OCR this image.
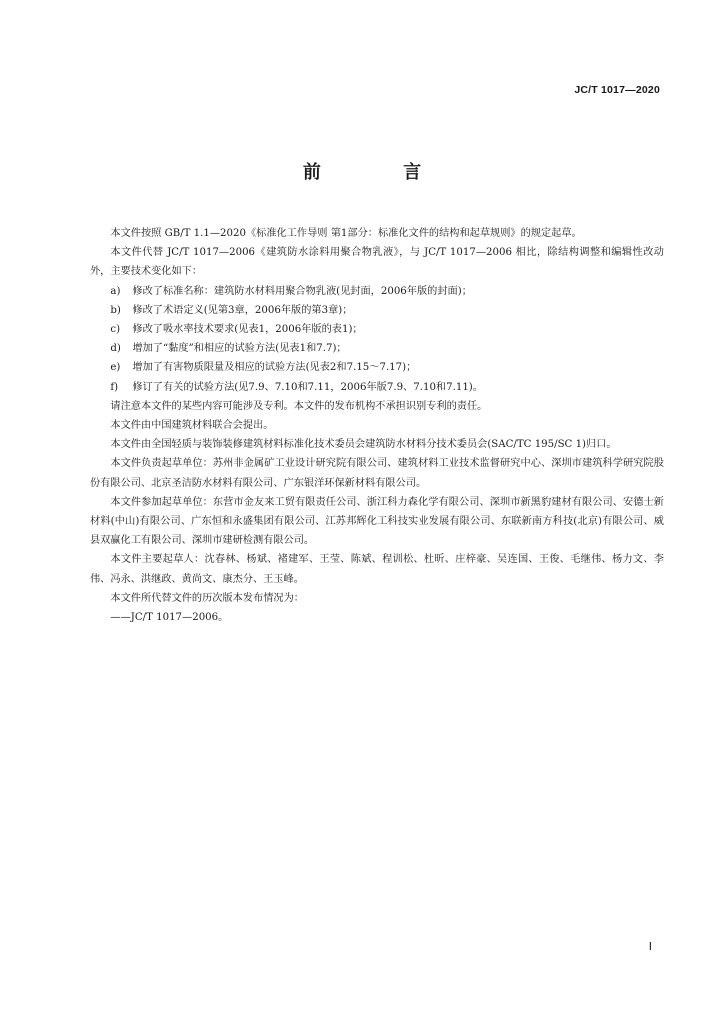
JC/T 1017—2020
前 言

本文件按照 GB/T 1.1—2020《标准化工作导则 第1部分：标准化文件的结构和起草规则》的规定起草。

本文件代替 JC/T 1017—2006《建筑防水涂料用聚合物乳液》，与 JC/T 1017—2006 相比，除结构调整和编辑性改动外，主要技术变化如下：

a)	修改了标准名称：建筑防水材料用聚合物乳液(见封面，2006年版的封面)；
b)	修改了术语定义(见第3章，2006年版的第3章)；
c)	修改了吸水率技术要求(见表1，2006年版的表1)；
d)	增加了“黏度”和相应的试验方法(见表1和7.7)；
e)	增加了有害物质限量及相应的试验方法(见表2和7.15～7.17)；
f)	修订了有关的试验方法(见7.9、7.10和7.11，2006年版7.9、7.10和7.11)。

请注意本文件的某些内容可能涉及专利。本文件的发布机构不承担识别专利的责任。

本文件由中国建筑材料联合会提出。

本文件由全国轻质与装饰装修建筑材料标准化技术委员会建筑防水材料分技术委员会(SAC/TC 195/SC 1)归口。

本文件负责起草单位：苏州非金属矿工业设计研究院有限公司、建筑材料工业技术监督研究中心、深圳市建筑科学研究院股份有限公司、北京圣洁防水材料有限公司、广东银洋环保新材料有限公司。

本文件参加起草单位：东营市金友来工贸有限责任公司、浙江科力森化学有限公司、深圳市新黑豹建材有限公司、安德士新材料(中山)有限公司、广东恒和永盛集团有限公司、江苏邦辉化工科技实业发展有限公司、东联新南方科技(北京)有限公司、威县双赢化工有限公司、深圳市建研检测有限公司。

本文件主要起草人：沈春林、杨斌、褚建军、王莹、陈斌、程训松、杜昕、庄梓豪、吴连国、王俊、毛继伟、杨力文、李伟、冯永、洪继政、黄尚文、康杰分、王玉峰。

本文件所代替文件的历次版本发布情况为：

——JC/T 1017—2006。

I
